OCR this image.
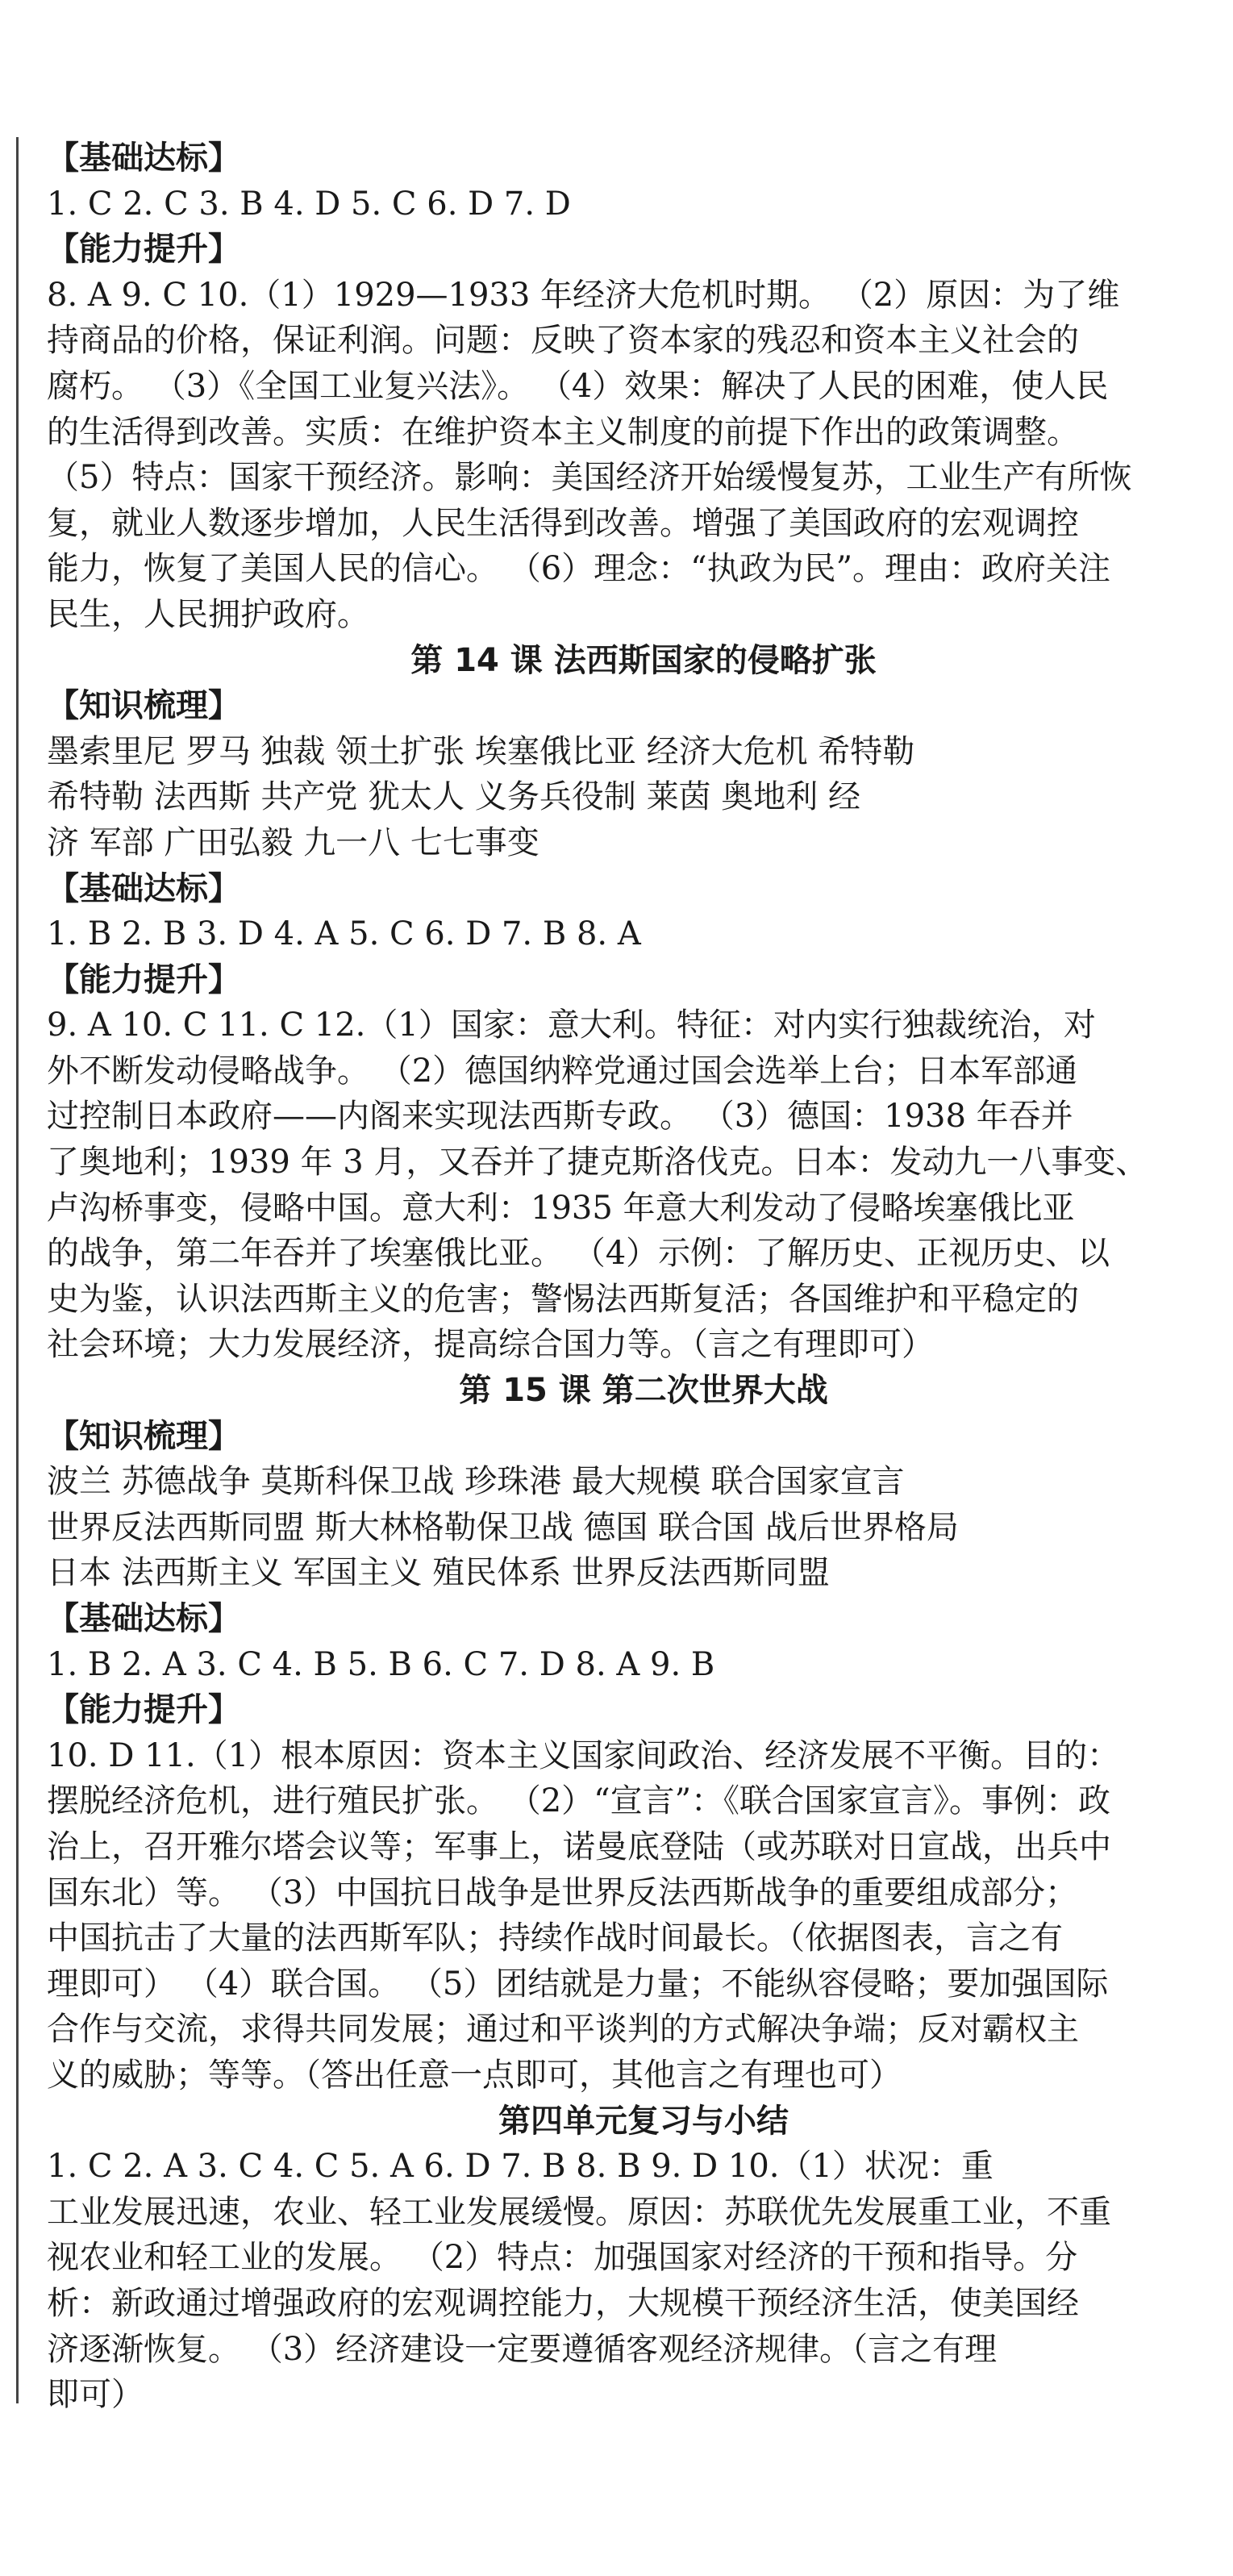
【基础达标】
1. C 2. C 3. B 4. D 5. C 6. D 7. D
【能力提升】
8. A 9. C 10.（1）1929—1933 年经济大危机时期。 （2）原因：为了维
持商品的价格，保证利润。问题：反映了资本家的残忍和资本主义社会的
腐朽。 （3）《全国工业复兴法》。 （4）效果：解决了人民的困难，使人民
的生活得到改善。实质：在维护资本主义制度的前提下作出的政策调整。
（5）特点：国家干预经济。影响：美国经济开始缓慢复苏，工业生产有所恢
复，就业人数逐步增加，人民生活得到改善。增强了美国政府的宏观调控
能力，恢复了美国人民的信心。 （6）理念：“执政为民”。理由：政府关注
民生，人民拥护政府。
第 14 课 法西斯国家的侵略扩张
【知识梳理】
墨索里尼 罗马 独裁 领土扩张 埃塞俄比亚 经济大危机 希特勒
希特勒 法西斯 共产党 犹太人 义务兵役制 莱茵 奥地利 经
济 军部 广田弘毅 九一八 七七事变
【基础达标】
1. B 2. B 3. D 4. A 5. C 6. D 7. B 8. A
【能力提升】
9. A 10. C 11. C 12.（1）国家：意大利。特征：对内实行独裁统治，对
外不断发动侵略战争。 （2）德国纳粹党通过国会选举上台；日本军部通
过控制日本政府——内阁来实现法西斯专政。 （3）德国：1938 年吞并
了奥地利；1939 年 3 月，又吞并了捷克斯洛伐克。日本：发动九一八事变、
卢沟桥事变，侵略中国。意大利：1935 年意大利发动了侵略埃塞俄比亚
的战争，第二年吞并了埃塞俄比亚。 （4）示例：了解历史、正视历史、以
史为鉴，认识法西斯主义的危害；警惕法西斯复活；各国维护和平稳定的
社会环境；大力发展经济，提高综合国力等。（言之有理即可）
第 15 课 第二次世界大战
【知识梳理】
波兰 苏德战争 莫斯科保卫战 珍珠港 最大规模 联合国家宣言
世界反法西斯同盟 斯大林格勒保卫战 德国 联合国 战后世界格局
日本 法西斯主义 军国主义 殖民体系 世界反法西斯同盟
【基础达标】
1. B 2. A 3. C 4. B 5. B 6. C 7. D 8. A 9. B
【能力提升】
10. D 11.（1）根本原因：资本主义国家间政治、经济发展不平衡。目的：
摆脱经济危机，进行殖民扩张。 （2）“宣言”：《联合国家宣言》。事例：政
治上，召开雅尔塔会议等；军事上，诺曼底登陆（或苏联对日宣战，出兵中
国东北）等。 （3）中国抗日战争是世界反法西斯战争的重要组成部分；
中国抗击了大量的法西斯军队；持续作战时间最长。（依据图表，言之有
理即可） （4）联合国。 （5）团结就是力量；不能纵容侵略；要加强国际
合作与交流，求得共同发展；通过和平谈判的方式解决争端；反对霸权主
义的威胁；等等。（答出任意一点即可，其他言之有理也可）
第四单元复习与小结
1. C 2. A 3. C 4. C 5. A 6. D 7. B 8. B 9. D 10.（1）状况：重
工业发展迅速，农业、轻工业发展缓慢。原因：苏联优先发展重工业，不重
视农业和轻工业的发展。 （2）特点：加强国家对经济的干预和指导。分
析：新政通过增强政府的宏观调控能力，大规模干预经济生活，使美国经
济逐渐恢复。 （3）经济建设一定要遵循客观经济规律。（言之有理
即可）
